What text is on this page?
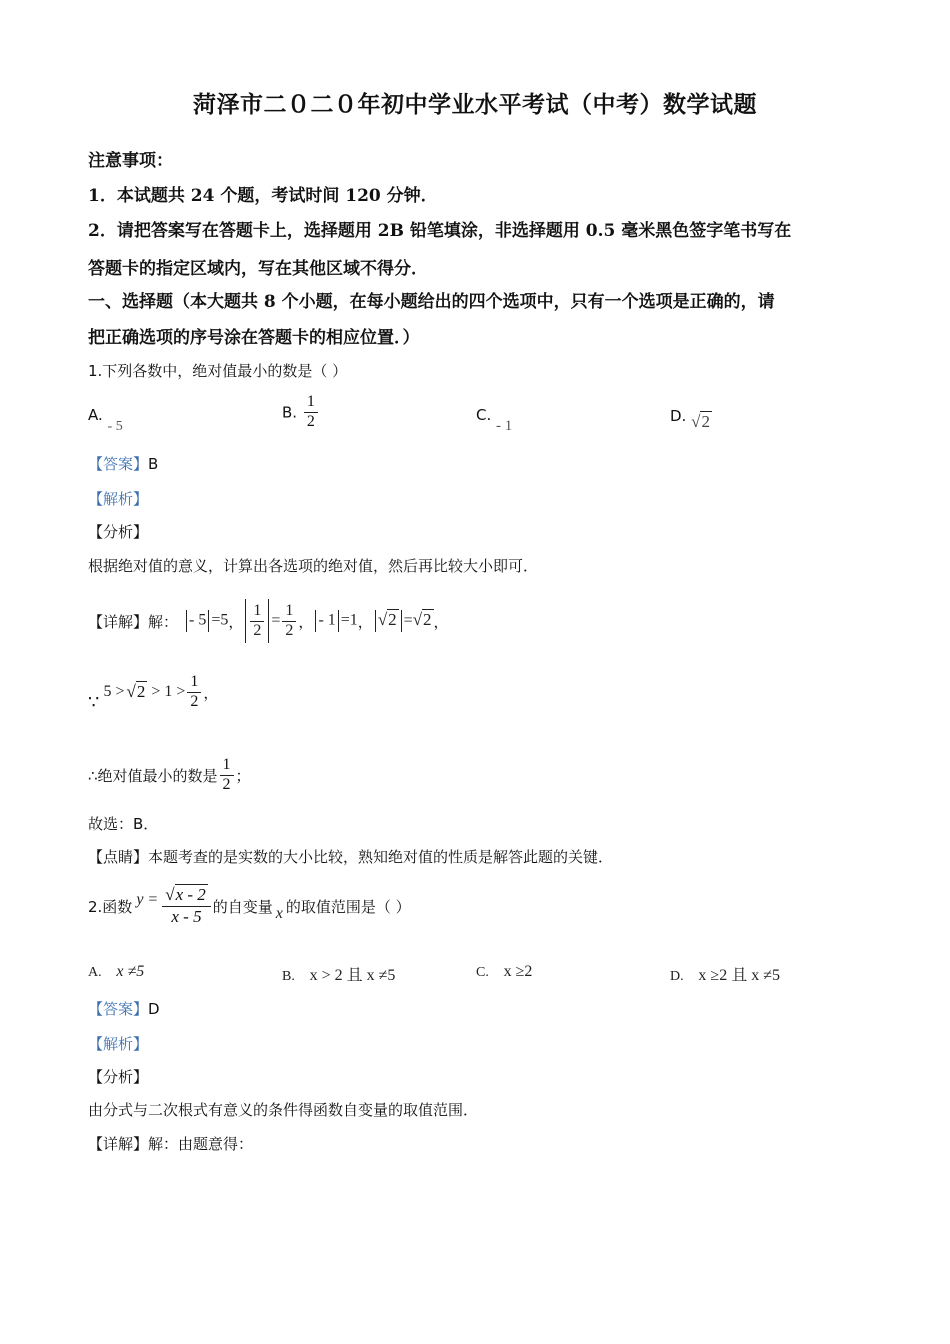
菏泽市二０二０年初中学业水平考试（中考）数学试题
注意事项：
1．本试题共 24 个题，考试时间 120 分钟．
2．请把答案写在答题卡上，选择题用 2B 铅笔填涂，非选择题用 0.5 毫米黑色签字笔书写在
答题卡的指定区域内，写在其他区域不得分．
一、选择题（本大题共 8 个小题，在每小题给出的四个选项中，只有一个选项是正确的，请
把正确选项的序号涂在答题卡的相应位置．）
1.下列各数中，绝对值最小的数是（ ）
A. - 5
B. $\frac{1}{2}$	C. - 1
D. √2
【答案】B
【解析】
【分析】
根据绝对值的意义，计算出各选项的绝对值，然后再比较大小即可．
【详解】解： - 5 =5 ， $\frac{1}{2} = \frac{1}{2}$ ， - 1 =1 ， √2 =√2 ，
∵ $5 > √2 > 1 > \frac{1}{2}$ ，
∴绝对值最小的数是 $\frac{1}{2}$ ；
故选：B．
【点睛】本题考查的是实数的大小比较，熟知绝对值的性质是解答此题的关键．
2.函数 $y = \frac{√x - 2}{x - 5}$ 的自变量 x 的取值范围是（ ）
A. x ≠5	B. x > 2 且 x ≠5	C. x ≥2	D. x ≥2 且 x ≠5
【答案】D
【解析】
【分析】
由分式与二次根式有意义的条件得函数自变量的取值范围．
【详解】解：由题意得：
